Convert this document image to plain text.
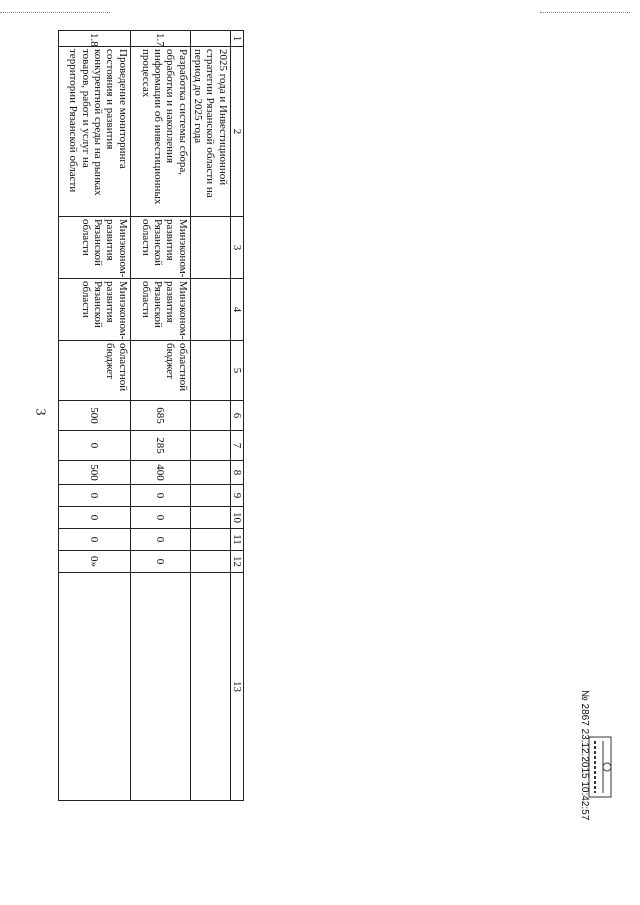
3
1	2	3	4	5	6	7	8	9	10	11	12	13
	2025 года и Инвестиционной стратегии Рязанской области на период до 2025 года											
1.7	Разработка системы сбора, обработки и накопления информации об инвестиционных процессах	Минэконом-развития Рязанской области	Минэконом-развития Рязанской области	областной бюджет	685	285	400	0	0	0	0	
1.8	Проведение мониторинга состояния и развития конкурентной среды на рынках товаров, работ и услуг на территории Рязанской области	Минэконом-развития Рязанской области	Минэконом-развития Рязанской области	областной бюджет	500	0	500	0	0	0	0»	
№ 2867 23.12.2015 10:42:57
